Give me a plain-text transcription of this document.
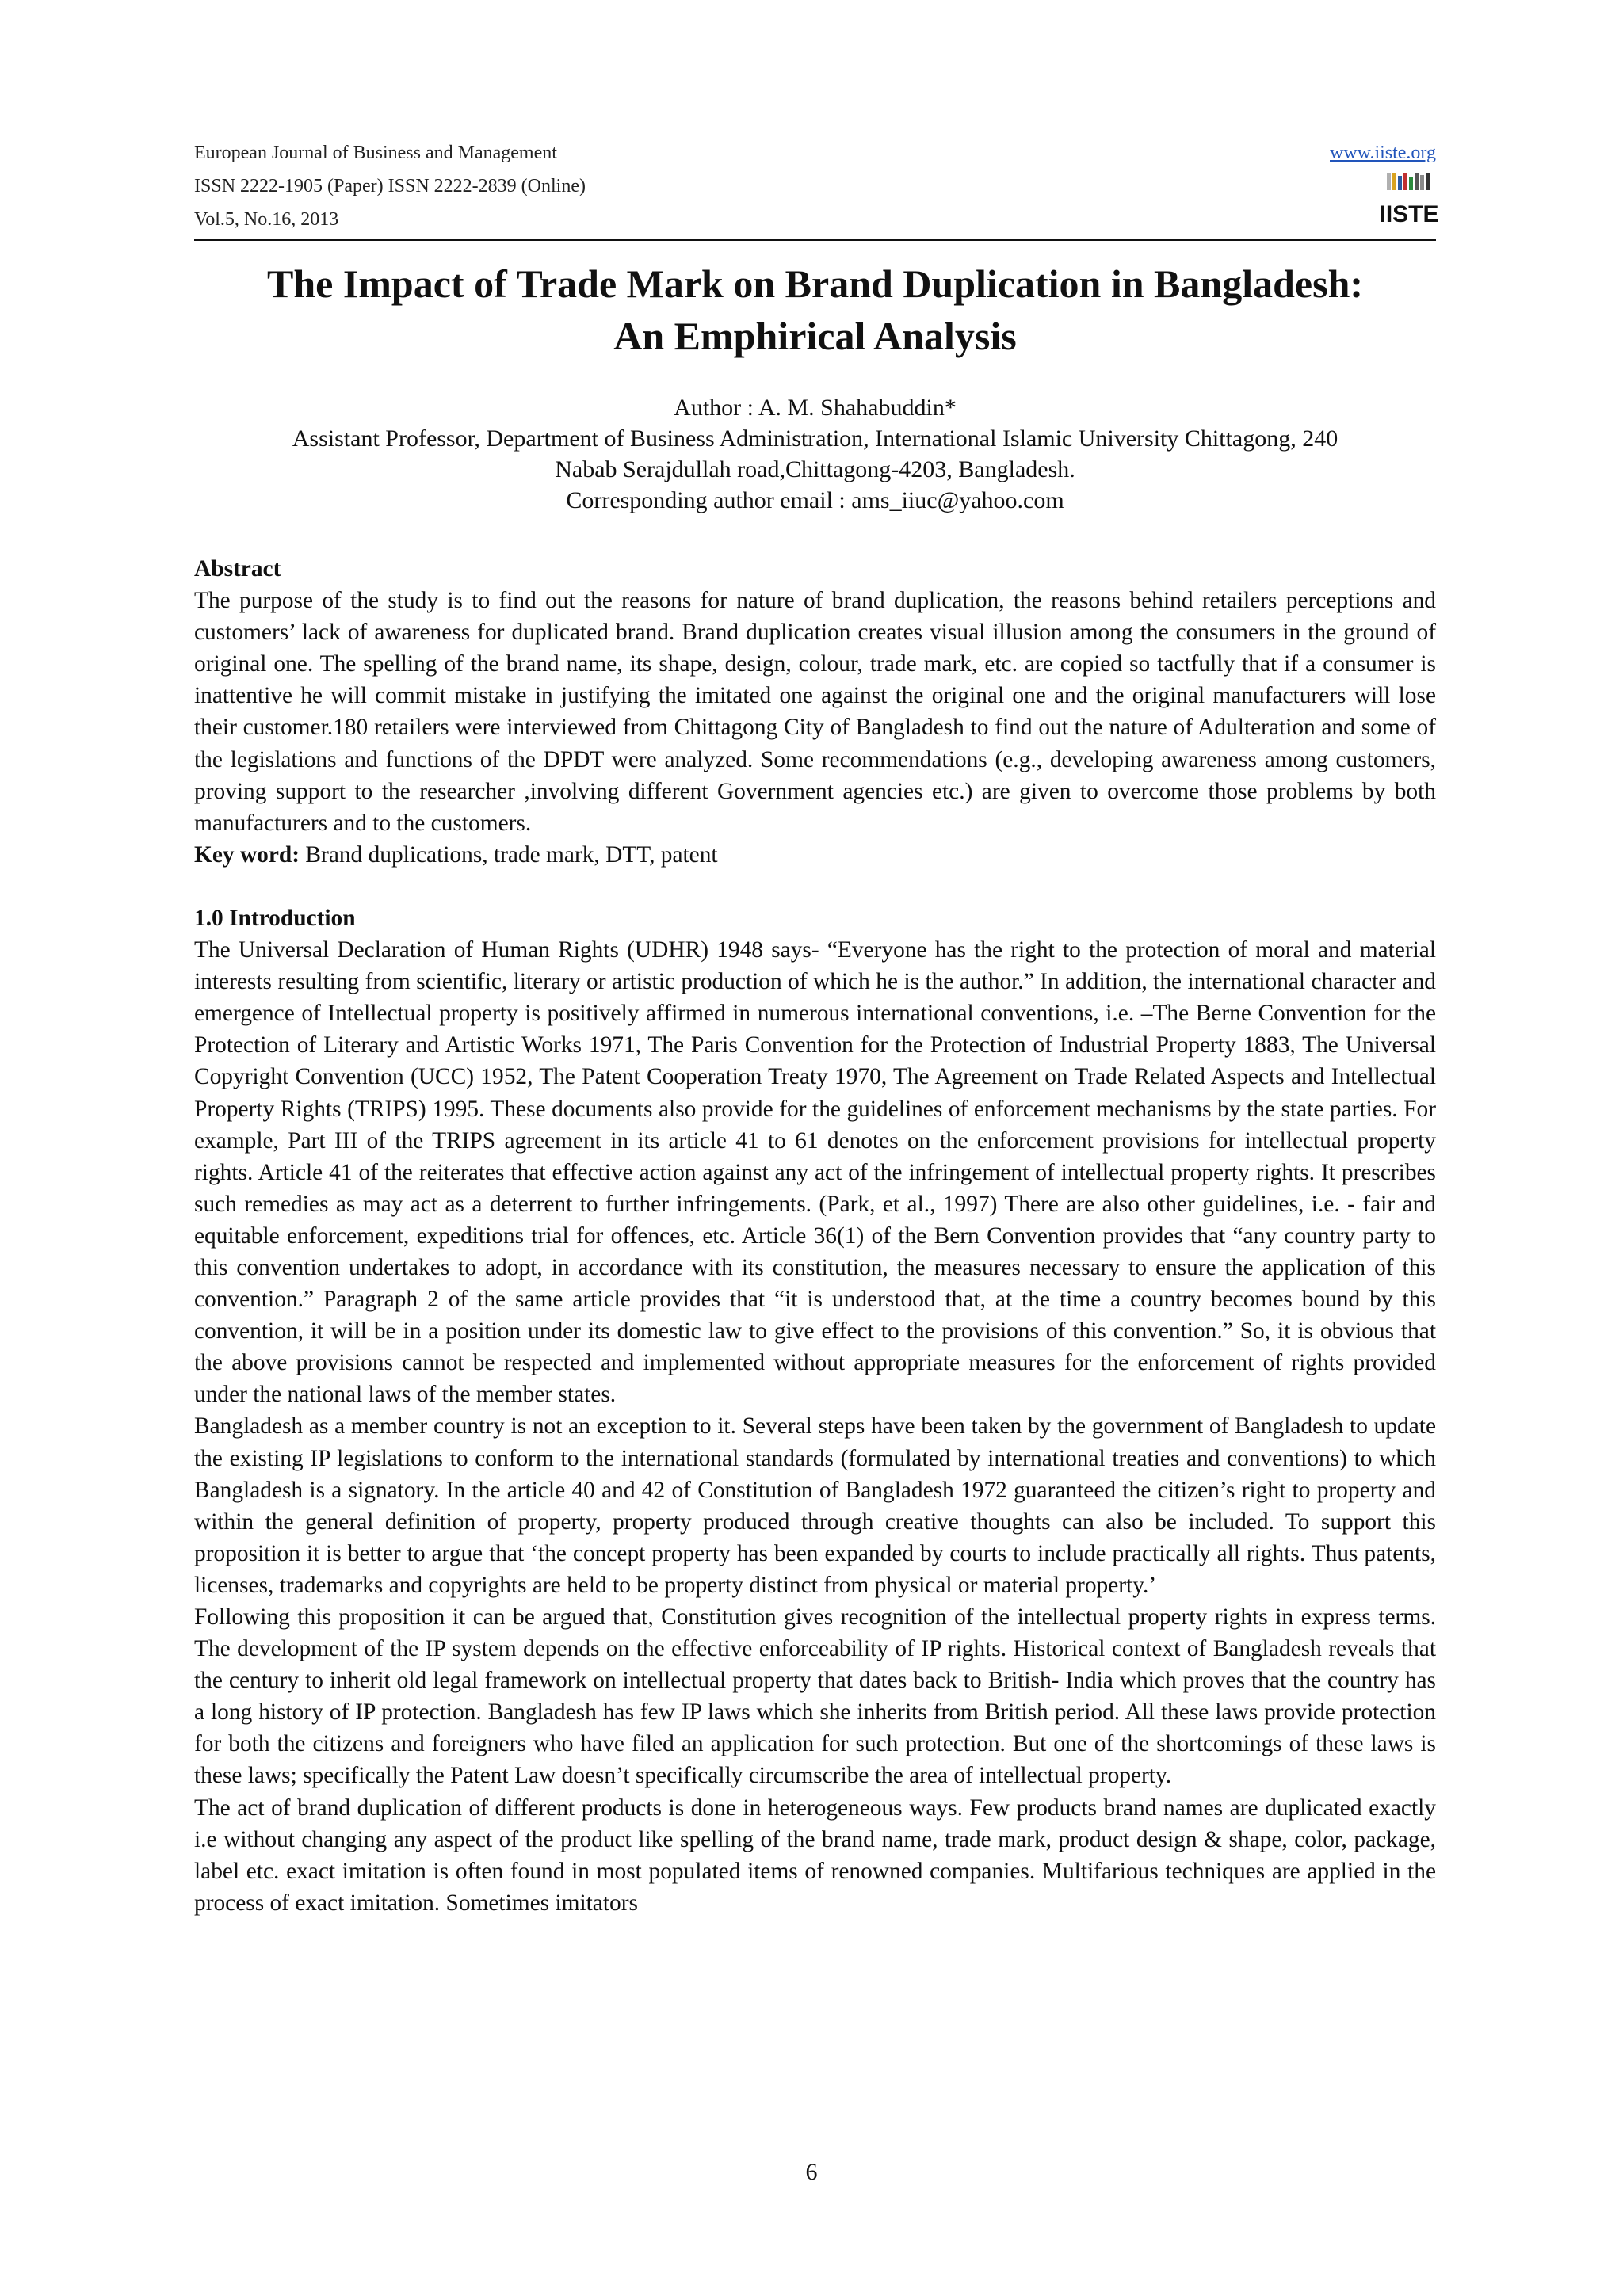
European Journal of Business and Management
ISSN 2222-1905 (Paper) ISSN 2222-2839 (Online)
Vol.5, No.16, 2013
www.iiste.org
IISTE
The Impact of Trade Mark on Brand Duplication in Bangladesh:
An Emphirical Analysis
Author : A. M. Shahabuddin*
Assistant Professor, Department of Business Administration, International Islamic University Chittagong, 240
Nabab Serajdullah road,Chittagong-4203, Bangladesh.
Corresponding author email : ams_iiuc@yahoo.com

Abstract

The purpose of the study is to find out the reasons for nature of brand duplication, the reasons behind retailers perceptions and customers’ lack of awareness for duplicated brand. Brand duplication creates visual illusion among the consumers in the ground of original one. The spelling of the brand name, its shape, design, colour, trade mark, etc. are copied so tactfully that if a consumer is inattentive he will commit mistake in justifying the imitated one against the original one and the original manufacturers will lose their customer.180 retailers were interviewed from Chittagong City of Bangladesh to find out the nature of Adulteration and some of the legislations and functions of the DPDT were analyzed. Some recommendations (e.g., developing awareness among customers, proving support to the researcher ,involving different Government agencies etc.) are given to overcome those problems by both manufacturers and to the customers.

Key word: Brand duplications, trade mark, DTT, patent

1.0 Introduction

The Universal Declaration of Human Rights (UDHR) 1948 says- “Everyone has the right to the protection of moral and material interests resulting from scientific, literary or artistic production of which he is the author.” In addition, the international character and emergence of Intellectual property is positively affirmed in numerous international conventions, i.e. –The Berne Convention for the Protection of Literary and Artistic Works 1971, The Paris Convention for the Protection of Industrial Property 1883, The Universal Copyright Convention (UCC) 1952, The Patent Cooperation Treaty 1970, The Agreement on Trade Related Aspects and Intellectual Property Rights (TRIPS) 1995. These documents also provide for the guidelines of enforcement mechanisms by the state parties. For example, Part III of the TRIPS agreement in its article 41 to 61 denotes on the enforcement provisions for intellectual property rights. Article 41 of the reiterates that effective action against any act of the infringement of intellectual property rights. It prescribes such remedies as may act as a deterrent to further infringements. (Park, et al., 1997) There are also other guidelines, i.e. - fair and equitable enforcement, expeditions trial for offences, etc. Article 36(1) of the Bern Convention provides that “any country party to this convention undertakes to adopt, in accordance with its constitution, the measures necessary to ensure the application of this convention.” Paragraph 2 of the same article provides that “it is understood that, at the time a country becomes bound by this convention, it will be in a position under its domestic law to give effect to the provisions of this convention.” So, it is obvious that the above provisions cannot be respected and implemented without appropriate measures for the enforcement of rights provided under the national laws of the member states.

Bangladesh as a member country is not an exception to it. Several steps have been taken by the government of Bangladesh to update the existing IP legislations to conform to the international standards (formulated by international treaties and conventions) to which Bangladesh is a signatory. In the article 40 and 42 of Constitution of Bangladesh 1972 guaranteed the citizen’s right to property and within the general definition of property, property produced through creative thoughts can also be included. To support this proposition it is better to argue that ‘the concept property has been expanded by courts to include practically all rights. Thus patents, licenses, trademarks and copyrights are held to be property distinct from physical or material property.’

Following this proposition it can be argued that, Constitution gives recognition of the intellectual property rights in express terms. The development of the IP system depends on the effective enforceability of IP rights. Historical context of Bangladesh reveals that the century to inherit old legal framework on intellectual property that dates back to British- India which proves that the country has a long history of IP protection. Bangladesh has few IP laws which she inherits from British period. All these laws provide protection for both the citizens and foreigners who have filed an application for such protection. But one of the shortcomings of these laws is these laws; specifically the Patent Law doesn’t specifically circumscribe the area of intellectual property.

The act of brand duplication of different products is done in heterogeneous ways. Few products brand names are duplicated exactly i.e without changing any aspect of the product like spelling of the brand name, trade mark, product design & shape, color, package, label etc. exact imitation is often found in most populated items of renowned companies. Multifarious techniques are applied in the process of exact imitation. Sometimes imitators

6
